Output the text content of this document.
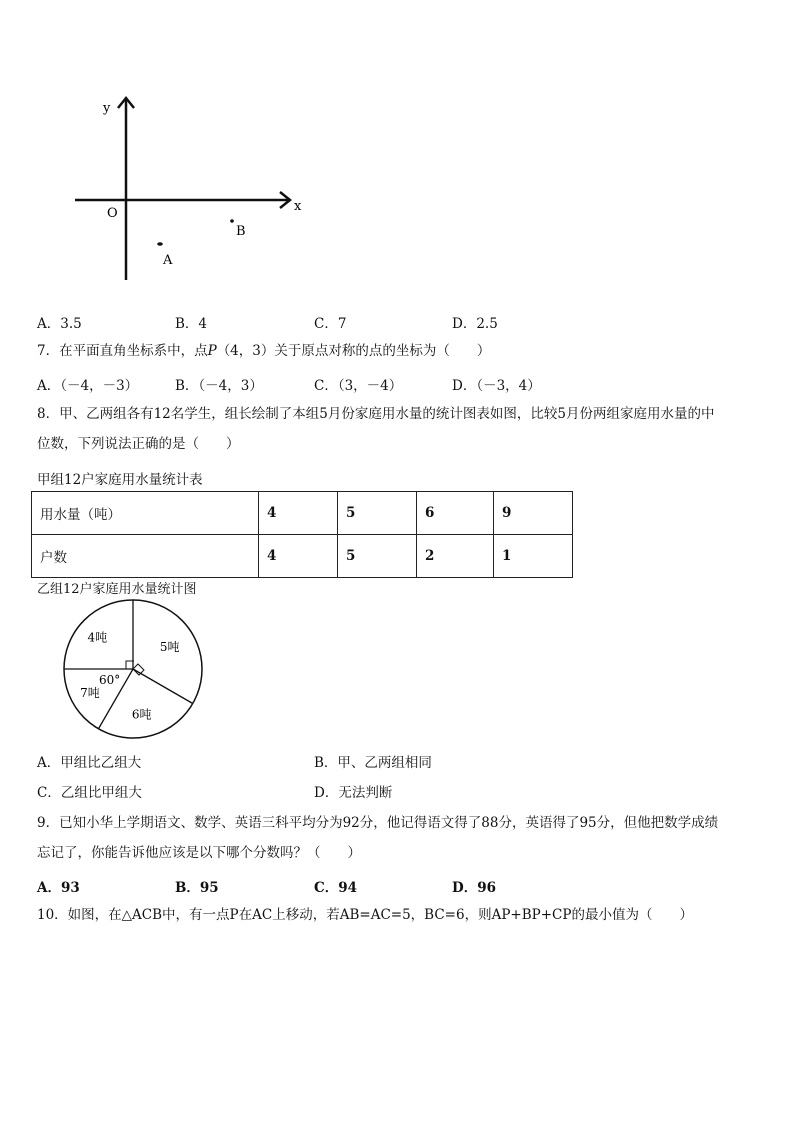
y
x
O
B
A
A．3.5	B．4	C．7	D．2.5
7．在平面直角坐标系中，点P（4，3）关于原点对称的点的坐标为（　　）
A．（－4，－3）	B．（－4，3）	C．（3，－4）	D．（－3，4）
8．甲、乙两组各有12名学生，组长绘制了本组5月份家庭用水量的统计图表如图，比较5月份两组家庭用水量的中
位数，下列说法正确的是（　　）
甲组12户家庭用水量统计表
用水量（吨）	4	5	6	9
户数	4	5	2	1
乙组12户家庭用水量统计图
5吨
6吨
7吨
4吨
60°
A．甲组比乙组大	B．甲、乙两组相同
C．乙组比甲组大	D．无法判断
9．已知小华上学期语文、数学、英语三科平均分为92分，他记得语文得了88分，英语得了95分，但他把数学成绩
忘记了，你能告诉他应该是以下哪个分数吗？（　　）
A．93	B．95	C．94	D．96
10．如图，在△ACB中，有一点P在AC上移动，若AB=AC=5，BC=6，则AP+BP+CP的最小值为（　　）
